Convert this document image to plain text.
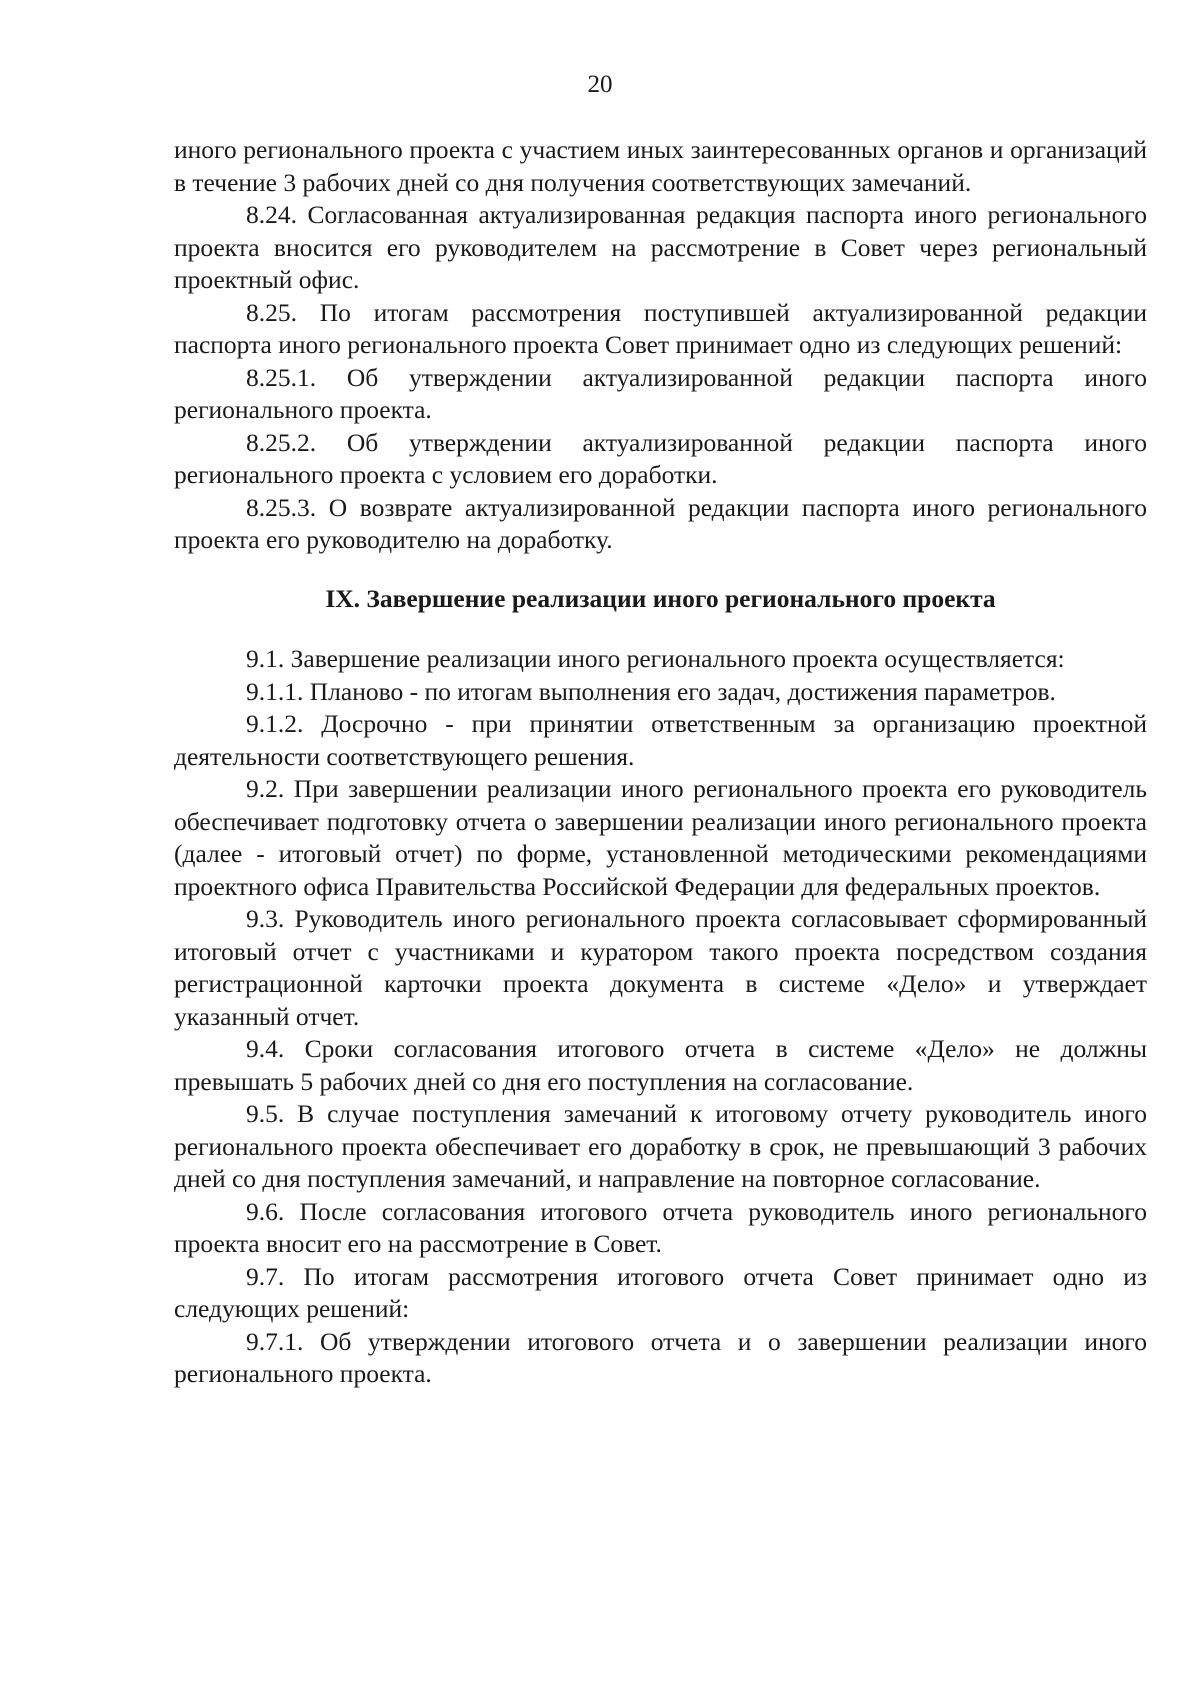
20

иного регионального проекта с участием иных заинтересованных органов и организаций в течение 3 рабочих дней со дня получения соответствующих замечаний.

8.24. Согласованная актуализированная редакция паспорта иного регионального проекта вносится его руководителем на рассмотрение в Совет через региональный проектный офис.

8.25. По итогам рассмотрения поступившей актуализированной редакции паспорта иного регионального проекта Совет принимает одно из следующих решений:

8.25.1. Об утверждении актуализированной редакции паспорта иного регионального проекта.

8.25.2. Об утверждении актуализированной редакции паспорта иного регионального проекта с условием его доработки.

8.25.3. О возврате актуализированной редакции паспорта иного регионального проекта его руководителю на доработку.

IX. Завершение реализации иного регионального проекта

9.1. Завершение реализации иного регионального проекта осуществляется:

9.1.1. Планово - по итогам выполнения его задач, достижения параметров.

9.1.2. Досрочно - при принятии ответственным за организацию проектной деятельности соответствующего решения.

9.2. При завершении реализации иного регионального проекта его руководитель обеспечивает подготовку отчета о завершении реализации иного регионального проекта (далее - итоговый отчет) по форме, установленной методическими рекомендациями проектного офиса Правительства Российской Федерации для федеральных проектов.

9.3. Руководитель иного регионального проекта согласовывает сформированный итоговый отчет с участниками и куратором такого проекта посредством создания регистрационной карточки проекта документа в системе «Дело» и утверждает указанный отчет.

9.4. Сроки согласования итогового отчета в системе «Дело» не должны превышать 5 рабочих дней со дня его поступления на согласование.

9.5. В случае поступления замечаний к итоговому отчету руководитель иного регионального проекта обеспечивает его доработку в срок, не превышающий 3 рабочих дней со дня поступления замечаний, и направление на повторное согласование.

9.6. После согласования итогового отчета руководитель иного регионального проекта вносит его на рассмотрение в Совет.

9.7. По итогам рассмотрения итогового отчета Совет принимает одно из следующих решений:

9.7.1. Об утверждении итогового отчета и о завершении реализации иного регионального проекта.
